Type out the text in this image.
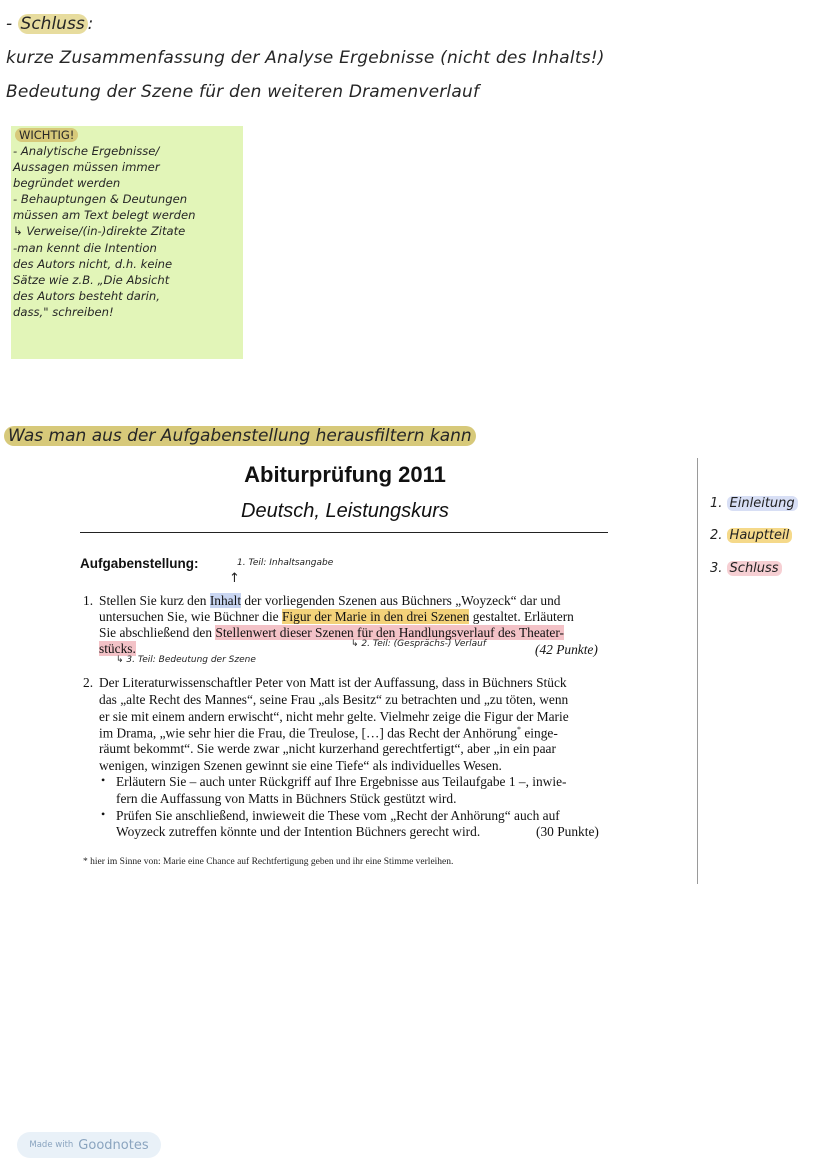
- Schluss :
kurze Zusammenfassung der Analyse Ergebnisse (nicht des Inhalts!)
Bedeutung der Szene für den weiteren Dramenverlauf
WICHTIG!
- Analytische Ergebnisse/
Aussagen müssen immer
begründet werden
- Behauptungen & Deutungen
müssen am Text belegt werden
↳ Verweise/(in-)direkte Zitate
-man kennt die Intention
des Autors nicht, d.h. keine
Sätze wie z.B. „Die Absicht
des Autors besteht darin,
dass," schreiben!
Was man aus der Aufgabenstellung herausfiltern kann
Abiturprüfung 2011
Deutsch, Leistungskurs
Aufgabenstellung:	1. Teil: Inhaltsangabe
↑
1. Stellen Sie kurz den Inhalt der vorliegenden Szenen aus Büchners „Woyzeck“ dar und
untersuchen Sie, wie Büchner die Figur der Marie in den drei Szenen gestaltet. Erläutern
Sie abschließend den Stellenwert dieser Szenen für den Handlungsverlauf des Theater-
stücks.	↳ 2. Teil: (Gesprächs-) Verlauf	(42 Punkte)
↳ 3. Teil: Bedeutung der Szene
2. Der Literaturwissenschaftler Peter von Matt ist der Auffassung, dass in Büchners Stück
das „alte Recht des Mannes“, seine Frau „als Besitz“ zu betrachten und „zu töten, wenn
er sie mit einem andern erwischt“, nicht mehr gelte. Vielmehr zeige die Figur der Marie
im Drama, „wie sehr hier die Frau, die Treulose, […] das Recht der Anhörung* einge-
räumt bekommt“. Sie werde zwar „nicht kurzerhand gerechtfertigt“, aber „in ein paar
wenigen, winzigen Szenen gewinnt sie eine Tiefe“ als individuelles Wesen.
• Erläutern Sie – auch unter Rückgriff auf Ihre Ergebnisse aus Teilaufgabe 1 –, inwie-
fern die Auffassung von Matts in Büchners Stück gestützt wird.
• Prüfen Sie anschließend, inwieweit die These vom „Recht der Anhörung“ auch auf
Woyzeck zutreffen könnte und der Intention Büchners gerecht wird.	(30 Punkte)
* hier im Sinne von: Marie eine Chance auf Rechtfertigung geben und ihr eine Stimme verleihen.
1. Einleitung
2. Hauptteil
3. Schluss
Made with Goodnotes
